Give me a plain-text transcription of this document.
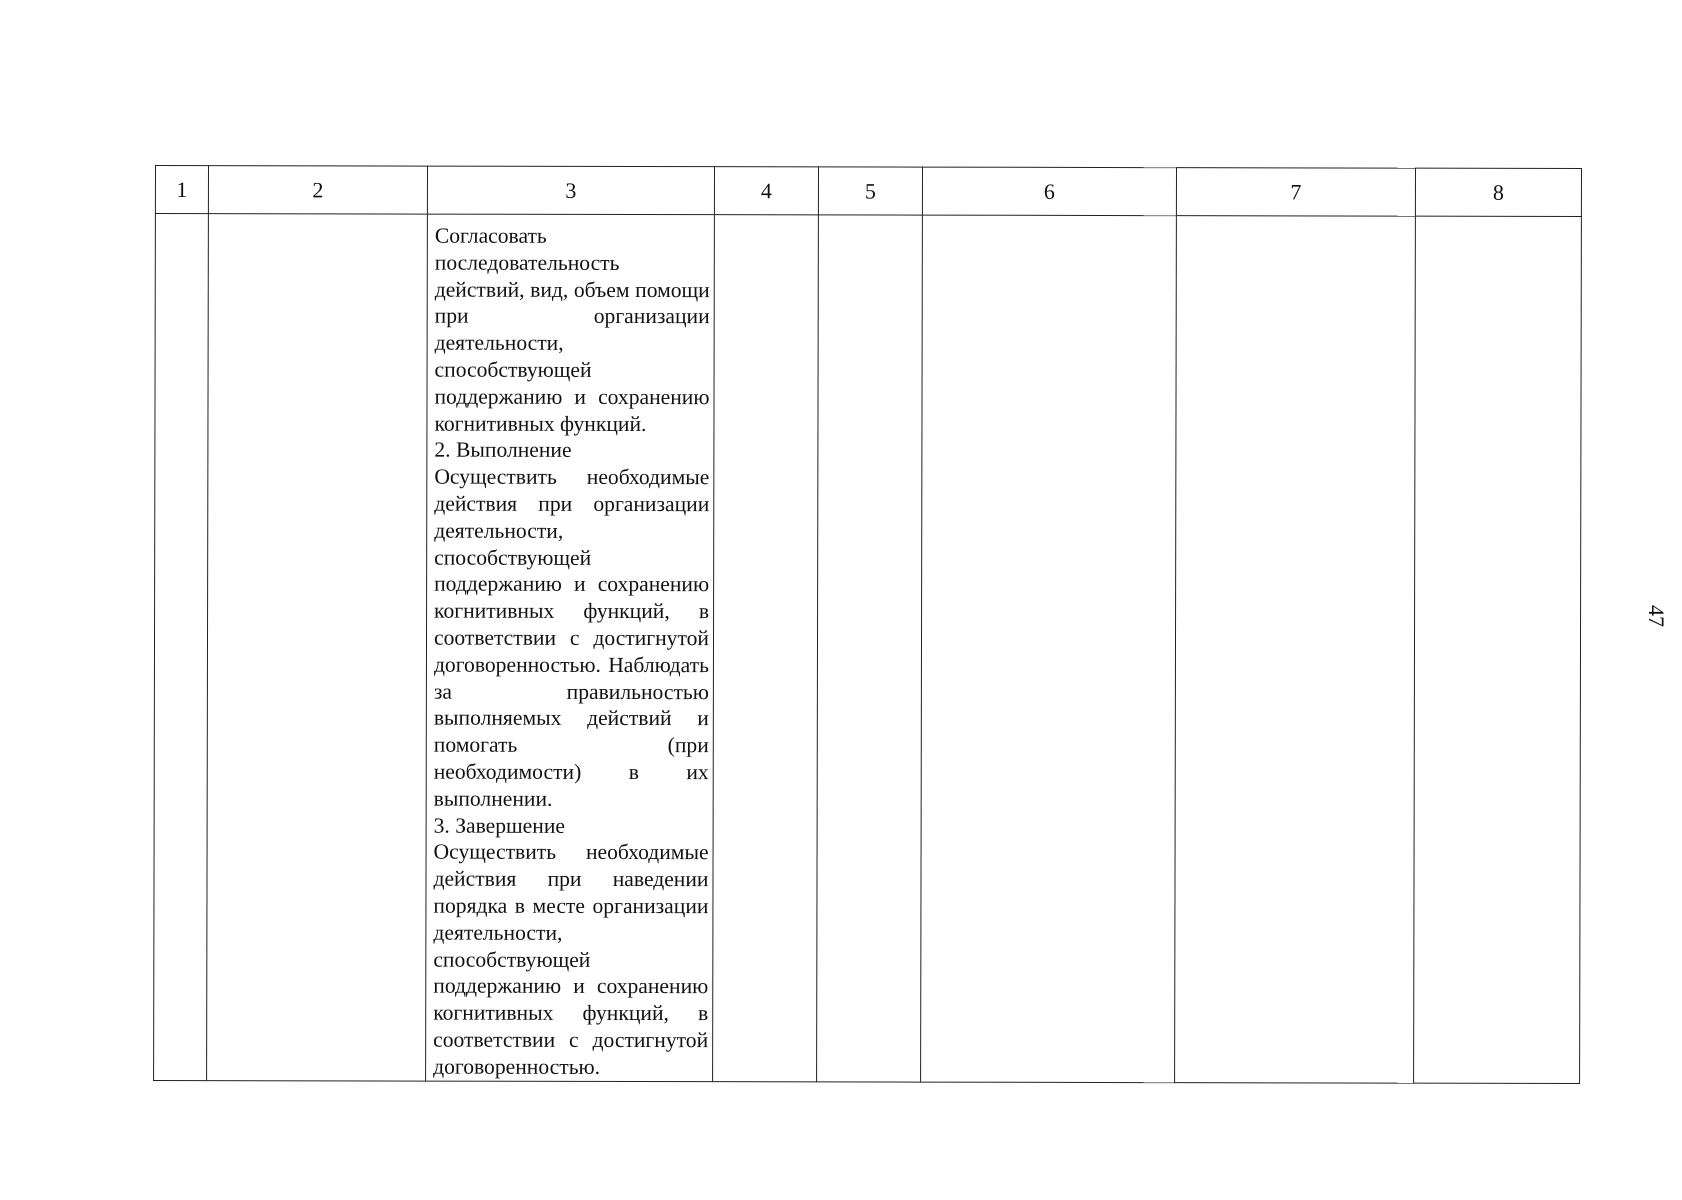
1	2	3	4	5	6	7	8

		Согласовать последовательность действий, вид, объем помощи при организации деятельности, способствующей поддержанию и сохранению когнитивных функций.
2. Выполнение
Осуществить необходимые действия при организации деятельности, способствующей поддержанию и сохранению когнитивных функций, в соответствии с достигнутой договоренностью. Наблюдать за правильностью выполняемых действий и помогать (при необходимости) в их выполнении.
3. Завершение
Осуществить необходимые действия при наведении порядка в месте организации деятельности, способствующей поддержанию и сохранению когнитивных функций, в соответствии с достигнутой договоренностью.					

47
